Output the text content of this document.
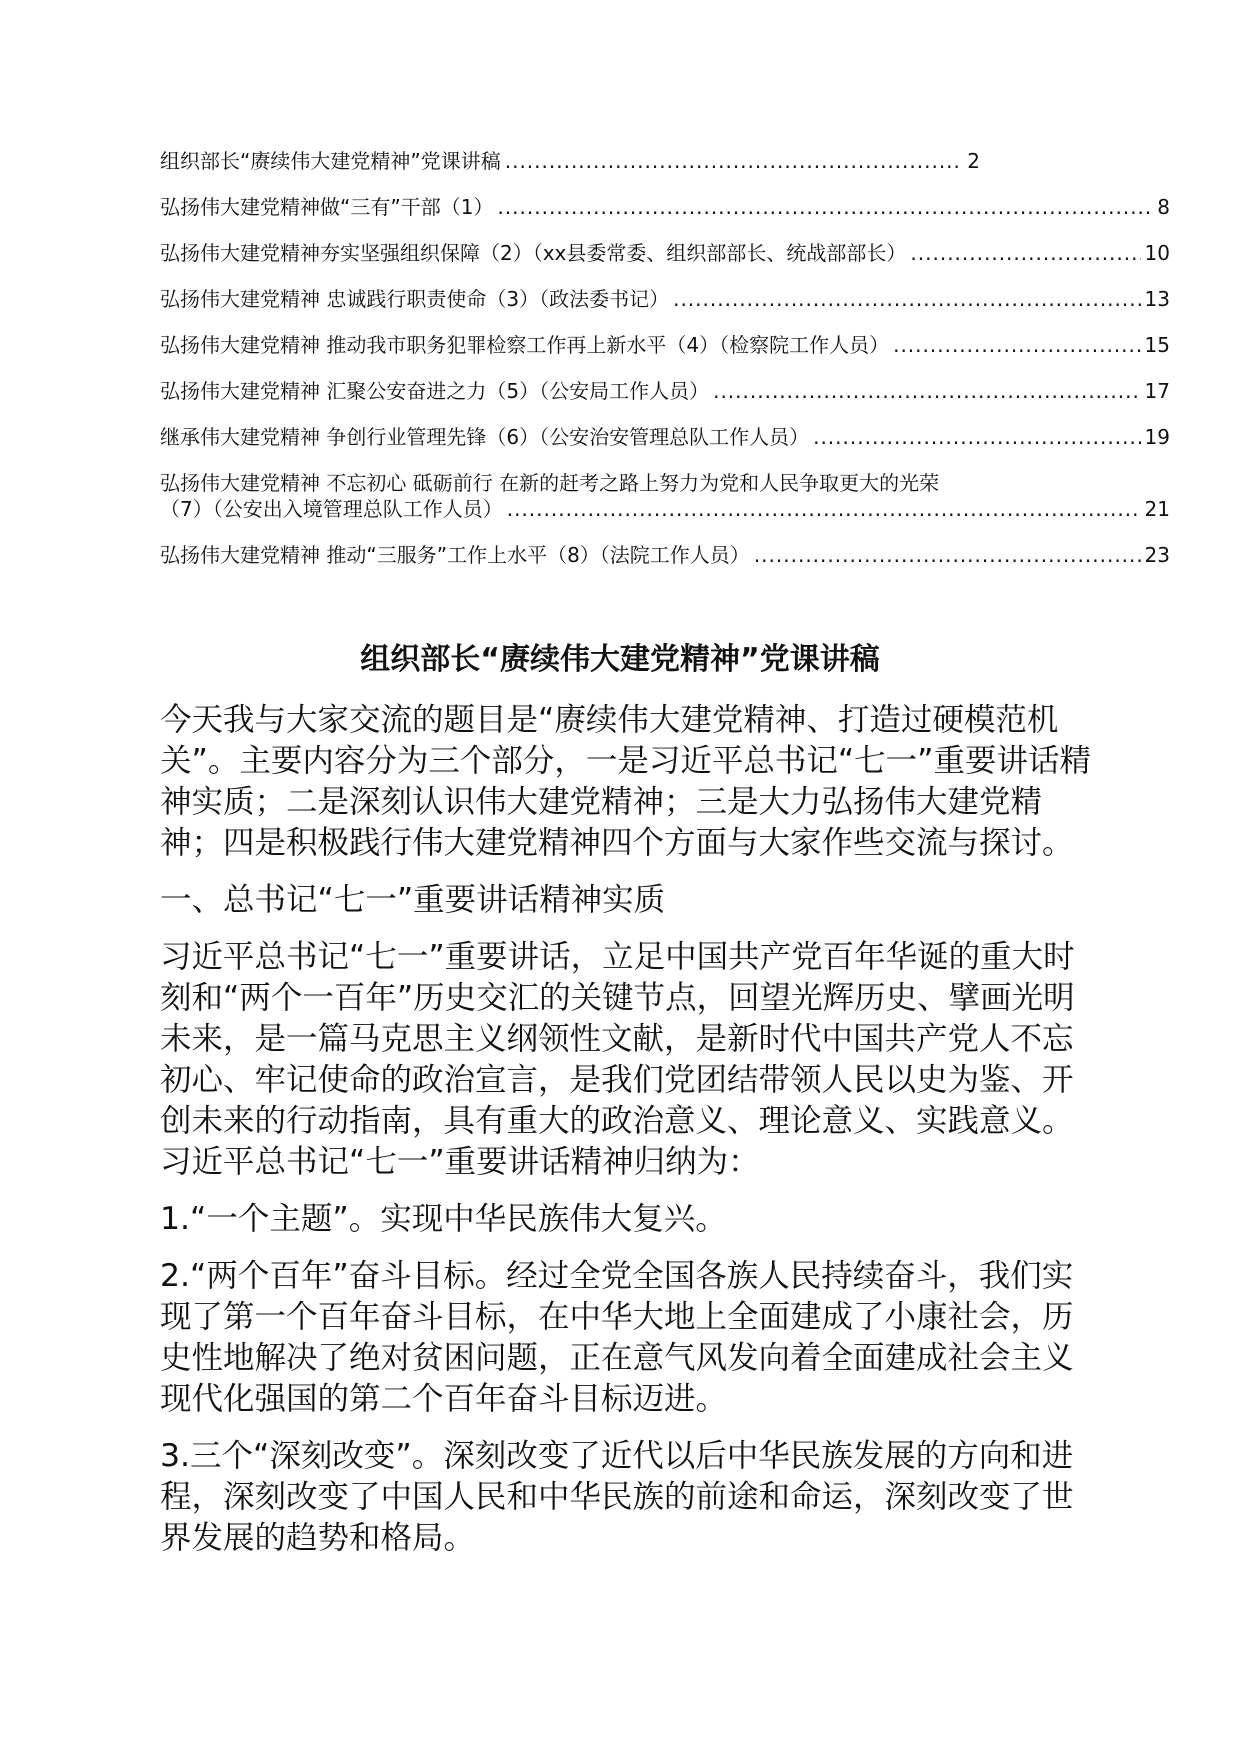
组织部长“赓续伟大建党精神”党课讲稿 .....	2
弘扬伟大建党精神做“三有”干部（1） .....	8
弘扬伟大建党精神夯实坚强组织保障（2）（xx县委常委、组织部部长、统战部部长） .....	10
弘扬伟大建党精神 忠诚践行职责使命（3）（政法委书记） .....	13
弘扬伟大建党精神 推动我市职务犯罪检察工作再上新水平（4）（检察院工作人员） .....	15
弘扬伟大建党精神 汇聚公安奋进之力（5）（公安局工作人员） .....	17
继承伟大建党精神 争创行业管理先锋（6）（公安治安管理总队工作人员） .....	19
弘扬伟大建党精神 不忘初心 砥砺前行 在新的赶考之路上努力为党和人民争取更大的光荣
（7）（公安出入境管理总队工作人员） .....	21
弘扬伟大建党精神 推动“三服务”工作上水平（8）（法院工作人员） .....	23
组织部长“赓续伟大建党精神”党课讲稿

今天我与大家交流的题目是“赓续伟大建党精神、打造过硬模范机关”。主要内容分为三个部分，一是习近平总书记“七一”重要讲话精神实质；二是深刻认识伟大建党精神；三是大力弘扬伟大建党精神；四是积极践行伟大建党精神四个方面与大家作些交流与探讨。

一、总书记“七一”重要讲话精神实质

习近平总书记“七一”重要讲话，立足中国共产党百年华诞的重大时刻和“两个一百年”历史交汇的关键节点，回望光辉历史、擘画光明未来，是一篇马克思主义纲领性文献，是新时代中国共产党人不忘初心、牢记使命的政治宣言，是我们党团结带领人民以史为鉴、开创未来的行动指南，具有重大的政治意义、理论意义、实践意义。习近平总书记“七一”重要讲话精神归纳为：

1.“一个主题”。实现中华民族伟大复兴。

2.“两个百年”奋斗目标。经过全党全国各族人民持续奋斗，我们实现了第一个百年奋斗目标，在中华大地上全面建成了小康社会，历史性地解决了绝对贫困问题，正在意气风发向着全面建成社会主义现代化强国的第二个百年奋斗目标迈进。

3.三个“深刻改变”。深刻改变了近代以后中华民族发展的方向和进程，深刻改变了中国人民和中华民族的前途和命运，深刻改变了世界发展的趋势和格局。
